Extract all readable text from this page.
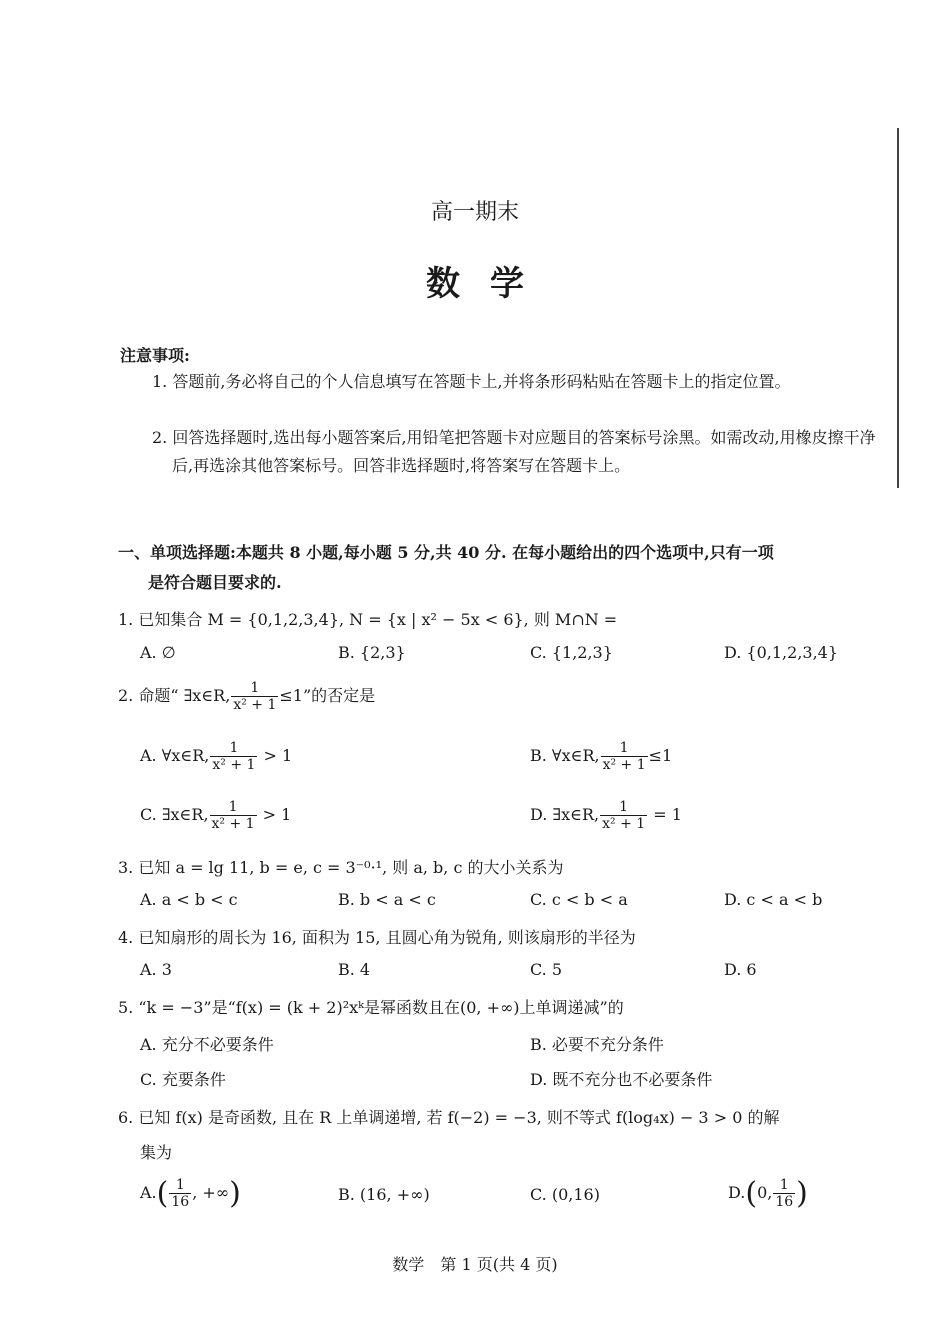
高一期末
数学
注意事项:
1. 答题前,务必将自己的个人信息填写在答题卡上,并将条形码粘贴在答题卡上的指定位置。
2. 回答选择题时,选出每小题答案后,用铅笔把答题卡对应题目的答案标号涂黑。如需改动,用橡皮擦干净后,再选涂其他答案标号。回答非选择题时,将答案写在答题卡上。
一、单项选择题:本题共 8 小题,每小题 5 分,共 40 分. 在每小题给出的四个选项中,只有一项
是符合题目要求的.
1. 已知集合 M = {0,1,2,3,4}, N = {x | x² − 5x < 6}, 则 M∩N =
A. ∅	B. {2,3}	C. {1,2,3}	D. {0,1,2,3,4}
2. 命题“ ∃x∈R, $\frac{1}{\text{x² + 1}} \le 1$”的否定是
A. ∀x∈R, $\frac{1}{\text{x² + 1}} > 1$	B. ∀x∈R, $\frac{1}{\text{x² + 1}} \le 1$
C. ∃x∈R, $\frac{1}{\text{x² + 1}} > 1$	D. ∃x∈R, $\frac{1}{\text{x² + 1}} = 1$
3. 已知 a = lg 11, b = e, c = 3⁻⁰·¹, 则 a, b, c 的大小关系为
A. a < b < c	B. b < a < c	C. c < b < a	D. c < a < b
4. 已知扇形的周长为 16, 面积为 15, 且圆心角为锐角, 则该扇形的半径为
A. 3	B. 4	C. 5	D. 6
5. “k = −3”是“f(x) = (k + 2)²xᵏ是幂函数且在(0, +∞)上单调递减”的
A. 充分不必要条件	B. 必要不充分条件
C. 充要条件	D. 既不充分也不必要条件
6. 已知 f(x) 是奇函数, 且在 R 上单调递增, 若 f(−2) = −3, 则不等式 f(log₄x) − 3 > 0 的解
集为
$A.( \frac{1}{16}$ , +∞)	B. (16, +∞)	C. (0,16)	D.(0, $\frac{1}{16}$ )
数学　第 1 页(共 4 页)
